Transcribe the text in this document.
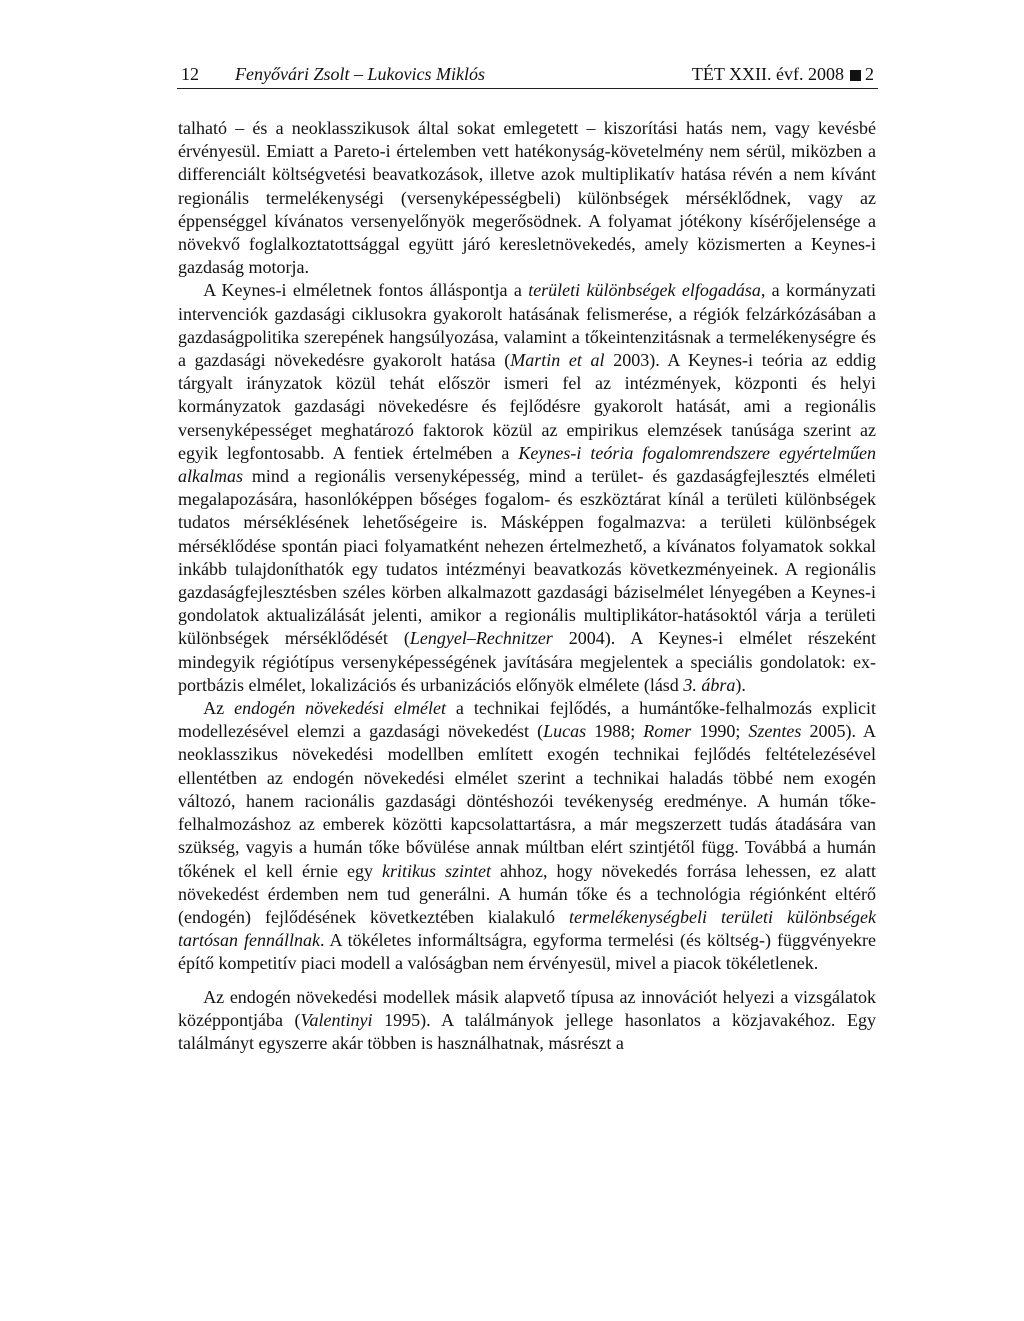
12 Fenyővári Zsolt – Lukovics Miklós	TÉT XXII. évf. 2008 2

talható – és a neoklasszikusok által sokat emlegetett – kiszorítási hatás nem, vagy kevésbé érvényesül. Emiatt a Pareto-i értelemben vett hatékonyság-követelmény nem sérül, miközben a differenciált költségvetési beavatkozások, illetve azok multiplikatív hatása révén a nem kívánt regionális termelékenységi (versenyképességbeli) különbségek mérséklődnek, vagy az éppenséggel kívánatos versenyelőnyök megerősödnek. A folyamat jótékony kísérőjelensége a növekvő foglalkoztatottsággal együtt járó keresletnövekedés, amely közismerten a Keynes-i gazdaság motorja.

A Keynes-i elméletnek fontos álláspontja a területi különbségek elfogadása, a kormányzati intervenciók gazdasági ciklusokra gyakorolt hatásának felismerése, a régiók felzárkózásában a gazdaságpolitika szerepének hangsúlyozása, valamint a tőkeintenzitásnak a termelékenységre és a gazdasági növekedésre gyakorolt hatása (Martin et al 2003). A Keynes-i teória az eddig tárgyalt irányzatok közül tehát először ismeri fel az intézmények, központi és helyi kormányzatok gazdasági növekedésre és fejlődésre gyakorolt hatását, ami a regionális versenyképességet meghatározó faktorok közül az empirikus elemzések tanúsága szerint az egyik legfontosabb. A fentiek értelmében a Keynes-i teória fogalomrendszere egyértelműen alkalmas mind a regionális versenyképesség, mind a terület- és gazdaságfejlesztés elméleti megalapozására, hasonlóképpen bőséges fogalom- és eszköztárat kínál a területi különbségek tudatos mérséklésének lehetőségeire is. Másképpen fogalmazva: a területi különbségek mérséklődése spontán piaci folyamatként nehezen értelmezhető, a kívánatos folyamatok sokkal inkább tulajdoníthatók egy tudatos intézményi beavatkozás következményeinek. A regionális gazdaságfejlesztésben széles körben alkalmazott gazdasági báziselmélet lényegében a Keynes-i gondolatok aktualizálását jelenti, amikor a regionális multiplikátor-hatásoktól várja a területi különbségek mérséklődését (Lengyel–Rechnitzer 2004). A Keynes-i elmélet részeként mindegyik régiótípus versenyképességének javítására megjelentek a speciális gondolatok: exportbázis elmélet, lokalizációs és urbanizációs előnyök elmélete (lásd 3. ábra).

Az endogén növekedési elmélet a technikai fejlődés, a humántőke-felhalmozás explicit modellezésével elemzi a gazdasági növekedést (Lucas 1988; Romer 1990; Szentes 2005). A neoklasszikus növekedési modellben említett exogén technikai fejlődés feltételezésével ellentétben az endogén növekedési elmélet szerint a technikai haladás többé nem exogén változó, hanem racionális gazdasági döntéshozói tevékenység eredménye. A humán tőke-felhalmozáshoz az emberek közötti kapcsolattartásra, a már megszerzett tudás átadására van szükség, vagyis a humán tőke bővülése annak múltban elért szintjétől függ. Továbbá a humán tőkének el kell érnie egy kritikus szintet ahhoz, hogy növekedés forrása lehessen, ez alatt növekedést érdemben nem tud generálni. A humán tőke és a technológia régiónként eltérő (endogén) fejlődésének következtében kialakuló termelékenységbeli területi különbségek tartósan fennállnak. A tökéletes informáltságra, egyforma termelési (és költség-) függvényekre építő kompetitív piaci modell a valóságban nem érvényesül, mivel a piacok tökéletlenek.

Az endogén növekedési modellek másik alapvető típusa az innovációt helyezi a vizsgálatok középpontjába (Valentinyi 1995). A találmányok jellege hasonlatos a közjavakéhoz. Egy találmányt egyszerre akár többen is használhatnak, másrészt a
